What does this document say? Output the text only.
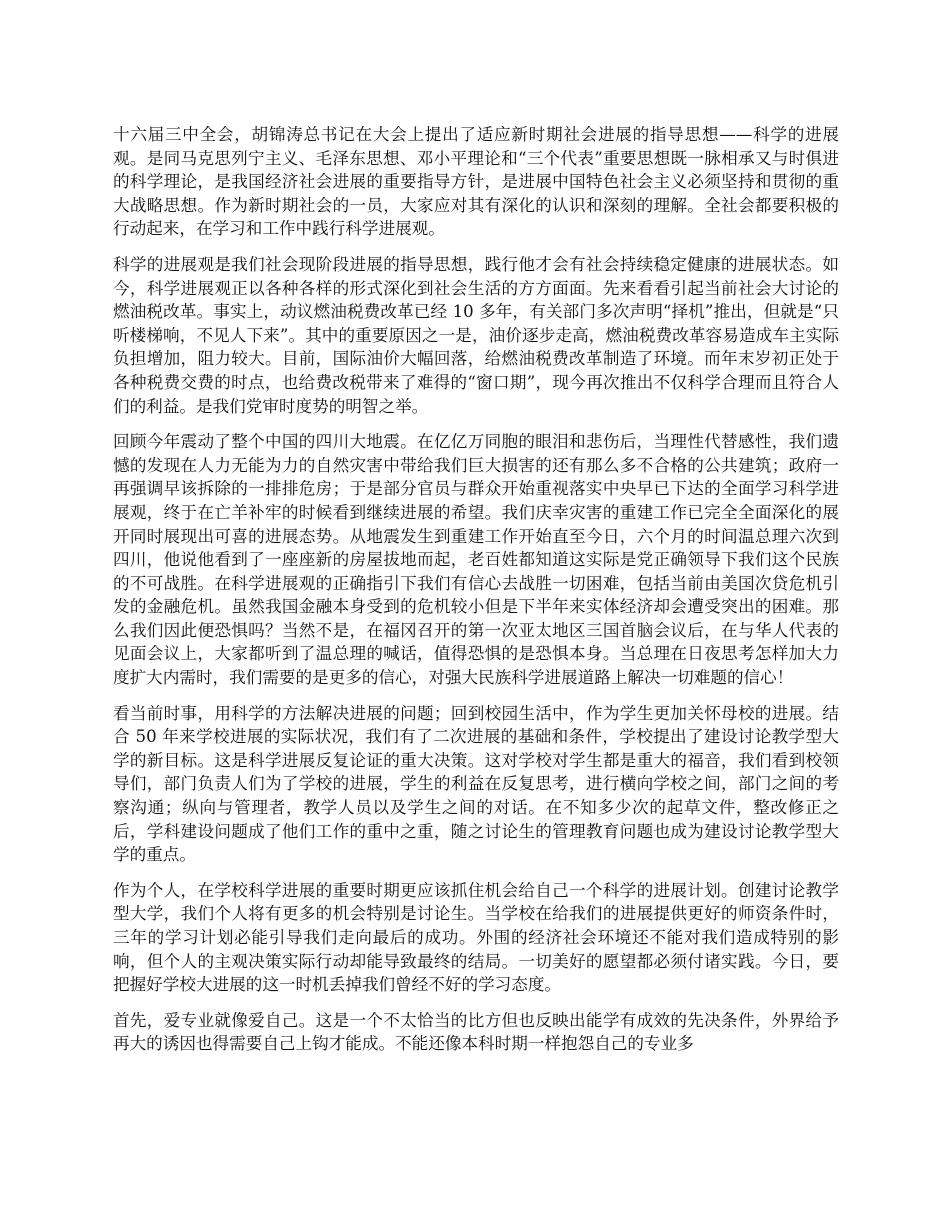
十六届三中全会，胡锦涛总书记在大会上提出了适应新时期社会进展的指导思想——科学的进展观。是同马克思列宁主义、毛泽东思想、邓小平理论和“三个代表”重要思想既一脉相承又与时俱进的科学理论，是我国经济社会进展的重要指导方针，是进展中国特色社会主义必须坚持和贯彻的重大战略思想。作为新时期社会的一员，大家应对其有深化的认识和深刻的理解。全社会都要积极的行动起来，在学习和工作中践行科学进展观。

科学的进展观是我们社会现阶段进展的指导思想，践行他才会有社会持续稳定健康的进展状态。如今，科学进展观正以各种各样的形式深化到社会生活的方方面面。先来看看引起当前社会大讨论的燃油税改革。事实上，动议燃油税费改革已经 10 多年，有关部门多次声明“择机”推出，但就是“只听楼梯响，不见人下来”。其中的重要原因之一是，油价逐步走高，燃油税费改革容易造成车主实际负担增加，阻力较大。目前，国际油价大幅回落，给燃油税费改革制造了环境。而年末岁初正处于各种税费交费的时点，也给费改税带来了难得的“窗口期”，现今再次推出不仅科学合理而且符合人们的利益。是我们党审时度势的明智之举。

回顾今年震动了整个中国的四川大地震。在亿亿万同胞的眼泪和悲伤后，当理性代替感性，我们遗憾的发现在人力无能为力的自然灾害中带给我们巨大损害的还有那么多不合格的公共建筑；政府一再强调早该拆除的一排排危房；于是部分官员与群众开始重视落实中央早已下达的全面学习科学进展观，终于在亡羊补牢的时候看到继续进展的希望。我们庆幸灾害的重建工作已完全全面深化的展开同时展现出可喜的进展态势。从地震发生到重建工作开始直至今日，六个月的时间温总理六次到四川，他说他看到了一座座新的房屋拔地而起，老百姓都知道这实际是党正确领导下我们这个民族的不可战胜。在科学进展观的正确指引下我们有信心去战胜一切困难，包括当前由美国次贷危机引发的金融危机。虽然我国金融本身受到的危机较小但是下半年来实体经济却会遭受突出的困难。那么我们因此便恐惧吗？当然不是，在福冈召开的第一次亚太地区三国首脑会议后，在与华人代表的见面会议上，大家都听到了温总理的喊话，值得恐惧的是恐惧本身。当总理在日夜思考怎样加大力度扩大内需时，我们需要的是更多的信心，对强大民族科学进展道路上解决一切难题的信心！

看当前时事，用科学的方法解决进展的问题；回到校园生活中，作为学生更加关怀母校的进展。结合 50 年来学校进展的实际状况，我们有了二次进展的基础和条件，学校提出了建设讨论教学型大学的新目标。这是科学进展反复论证的重大决策。这对学校对学生都是重大的福音，我们看到校领导们，部门负责人们为了学校的进展，学生的利益在反复思考，进行横向学校之间，部门之间的考察沟通；纵向与管理者，教学人员以及学生之间的对话。在不知多少次的起草文件，整改修正之后，学科建设问题成了他们工作的重中之重，随之讨论生的管理教育问题也成为建设讨论教学型大学的重点。

作为个人，在学校科学进展的重要时期更应该抓住机会给自己一个科学的进展计划。创建讨论教学型大学，我们个人将有更多的机会特别是讨论生。当学校在给我们的进展提供更好的师资条件时，三年的学习计划必能引导我们走向最后的成功。外围的经济社会环境还不能对我们造成特别的影响，但个人的主观决策实际行动却能导致最终的结局。一切美好的愿望都必须付诸实践。今日，要把握好学校大进展的这一时机丢掉我们曾经不好的学习态度。

首先，爱专业就像爱自己。这是一个不太恰当的比方但也反映出能学有成效的先决条件，外界给予再大的诱因也得需要自己上钩才能成。不能还像本科时期一样抱怨自己的专业多
